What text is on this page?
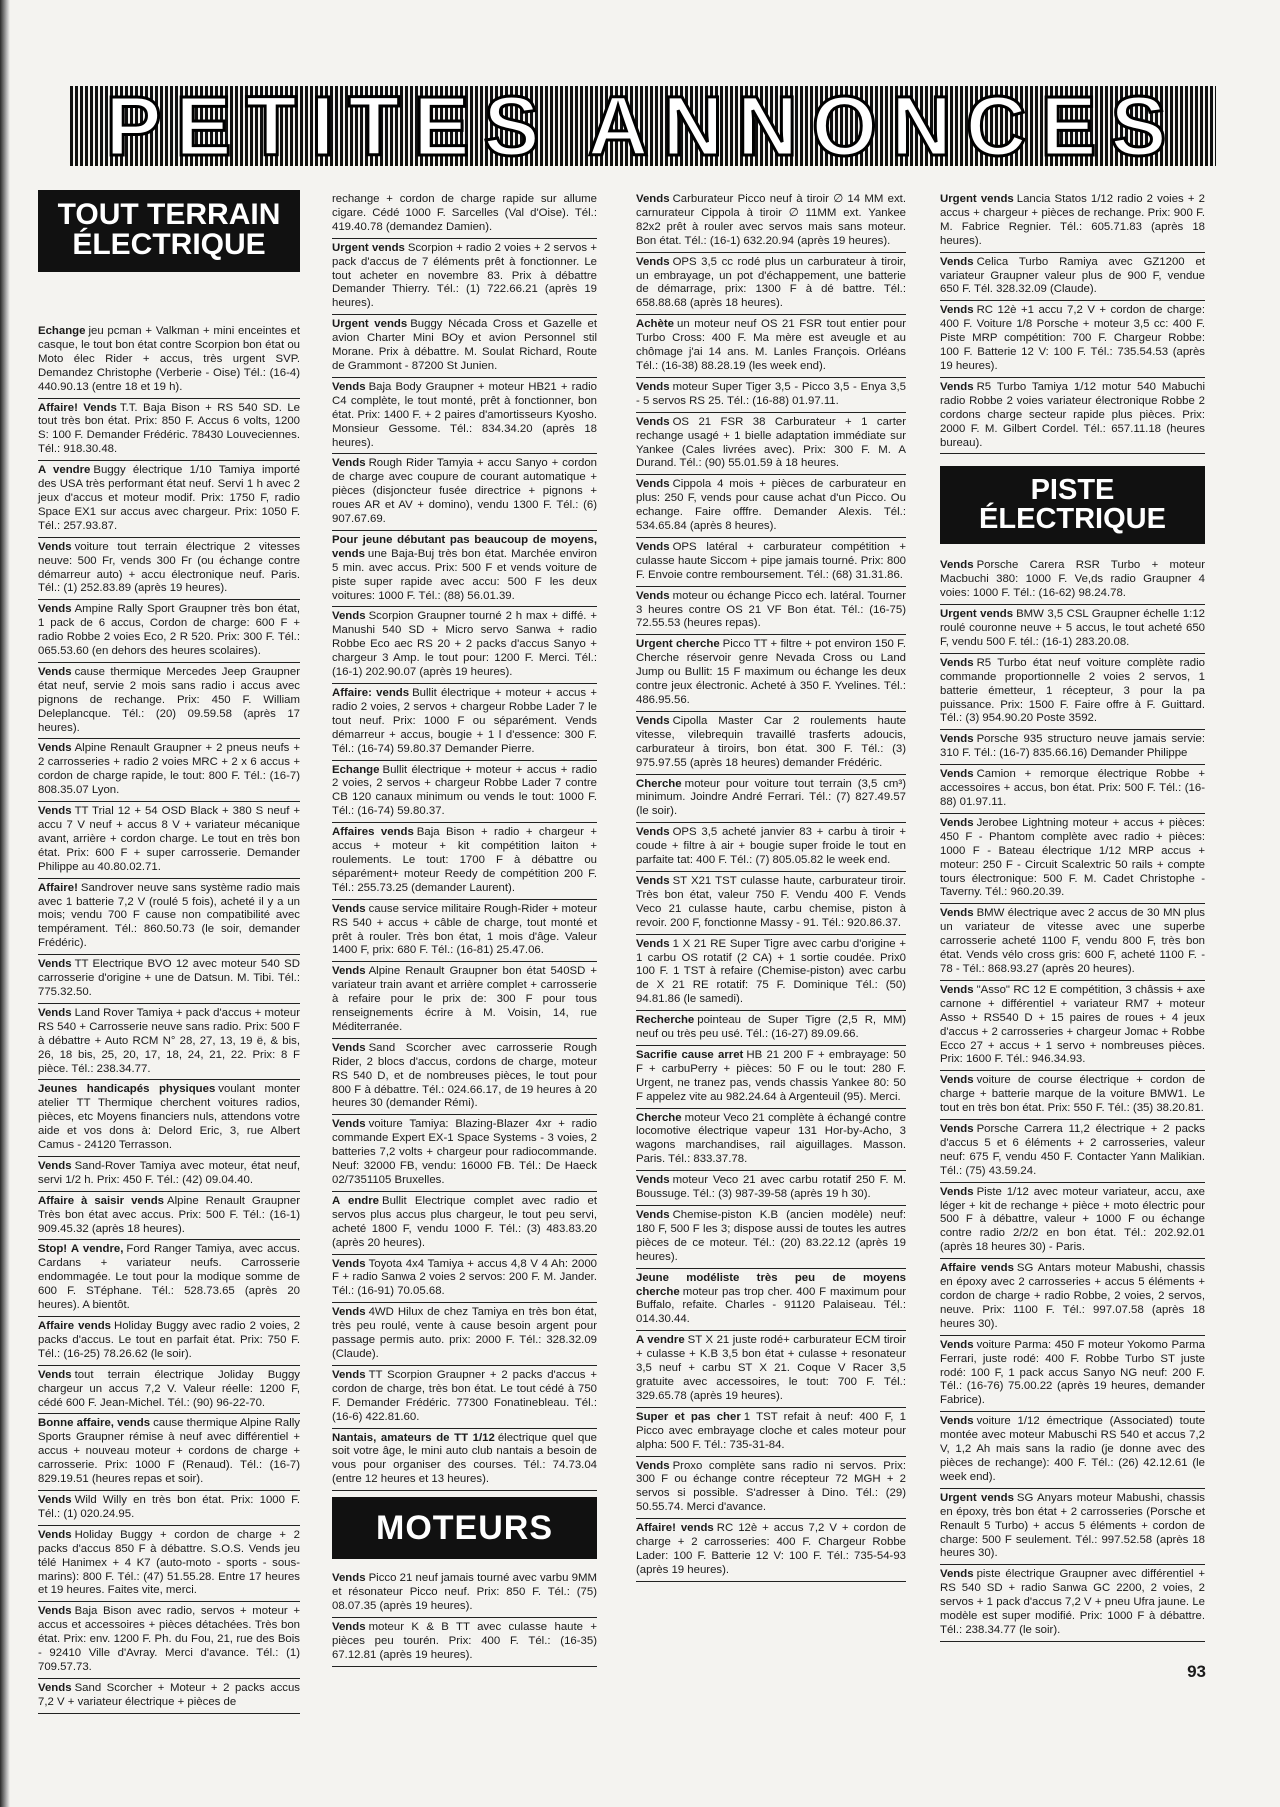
PETITES ANNONCES
TOUT TERRAIN
ÉLECTRIQUE

Echange jeu pcman + Valkman + mini enceintes et casque, le tout bon état contre Scorpion bon état ou Moto élec Rider + accus, très urgent SVP. Demandez Christophe (Verberie - Oise) Tél.: (16-4) 440.90.13 (entre 18 et 19 h).

Affaire! Vends T.T. Baja Bison + RS 540 SD. Le tout très bon état. Prix: 850 F. Accus 6 volts, 1200 S: 100 F. Demander Frédéric. 78430 Louveciennes. Tél.: 918.30.48.

A vendre Buggy électrique 1/10 Tamiya importé des USA très performant état neuf. Servi 1 h avec 2 jeux d'accus et moteur modif. Prix: 1750 F, radio Space EX1 sur accus avec chargeur. Prix: 1050 F. Tél.: 257.93.87.

Vends voiture tout terrain électrique 2 vitesses neuve: 500 Fr, vends 300 Fr (ou échange contre démarreur auto) + accu électronique neuf. Paris. Tél.: (1) 252.83.89 (après 19 heures).

Vends Ampine Rally Sport Graupner très bon état, 1 pack de 6 accus, Cordon de charge: 600 F + radio Robbe 2 voies Eco, 2 R 520. Prix: 300 F. Tél.: 065.53.60 (en dehors des heures scolaires).

Vends cause thermique Mercedes Jeep Graupner état neuf, servie 2 mois sans radio i accus avec pignons de rechange. Prix: 450 F. William Deleplancque. Tél.: (20) 09.59.58 (après 17 heures).

Vends Alpine Renault Graupner + 2 pneus neufs + 2 carrosseries + radio 2 voies MRC + 2 x 6 accus + cordon de charge rapide, le tout: 800 F. Tél.: (16-7) 808.35.07 Lyon.

Vends TT Trial 12 + 54 OSD Black + 380 S neuf + accu 7 V neuf + accus 8 V + variateur mécanique avant, arrière + cordon charge. Le tout en très bon état. Prix: 600 F + super carrosserie. Demander Philippe au 40.80.02.71.

Affaire! Sandrover neuve sans système radio mais avec 1 batterie 7,2 V (roulé 5 fois), acheté il y a un mois; vendu 700 F cause non compatibilité avec tempérament. Tél.: 860.50.73 (le soir, demander Frédéric).

Vends TT Electrique BVO 12 avec moteur 540 SD carrosserie d'origine + une de Datsun. M. Tibi. Tél.: 775.32.50.

Vends Land Rover Tamiya + pack d'accus + moteur RS 540 + Carrosserie neuve sans radio. Prix: 500 F à débattre + Auto RCM N° 28, 27, 13, 19 ë, & bis, 26, 18 bis, 25, 20, 17, 18, 24, 21, 22. Prix: 8 F pièce. Tél.: 238.34.77.

Jeunes handicapés physiques voulant monter atelier TT Thermique cherchent voitures radios, pièces, etc Moyens financiers nuls, attendons votre aide et vos dons à: Delord Eric, 3, rue Albert Camus - 24120 Terrasson.

Vends Sand-Rover Tamiya avec moteur, état neuf, servi 1/2 h. Prix: 450 F. Tél.: (42) 09.04.40.

Affaire à saisir vends Alpine Renault Graupner Très bon état avec accus. Prix: 500 F. Tél.: (16-1) 909.45.32 (après 18 heures).

Stop! A vendre, Ford Ranger Tamiya, avec accus. Cardans + variateur neufs. Carrosserie endommagée. Le tout pour la modique somme de 600 F. STéphane. Tél.: 528.73.65 (après 20 heures). A bientôt.

Affaire vends Holiday Buggy avec radio 2 voies, 2 packs d'accus. Le tout en parfait état. Prix: 750 F. Tél.: (16-25) 78.26.62 (le soir).

Vends tout terrain électrique Joliday Buggy chargeur un accus 7,2 V. Valeur réelle: 1200 F, cédé 600 F. Jean-Michel. Tél.: (90) 96-22-70.

Bonne affaire, vends cause thermique Alpine Rally Sports Graupner rémise à neuf avec différentiel + accus + nouveau moteur + cordons de charge + carrosserie. Prix: 1000 F (Renaud). Tél.: (16-7) 829.19.51 (heures repas et soir).

Vends Wild Willy en très bon état. Prix: 1000 F. Tél.: (1) 020.24.95.

Vends Holiday Buggy + cordon de charge + 2 packs d'accus 850 F à débattre. S.O.S. Vends jeu télé Hanimex + 4 K7 (auto-moto - sports - sous-marins): 800 F. Tél.: (47) 51.55.28. Entre 17 heures et 19 heures. Faites vite, merci.

Vends Baja Bison avec radio, servos + moteur + accus et accessoires + pièces détachées. Très bon état. Prix: env. 1200 F. Ph. du Fou, 21, rue des Bois - 92410 Ville d'Avray. Merci d'avance. Tél.: (1) 709.57.73.

Vends Sand Scorcher + Moteur + 2 packs accus 7,2 V + variateur électrique + pièces de

rechange + cordon de charge rapide sur allume cigare. Cédé 1000 F. Sarcelles (Val d'Oise). Tél.: 419.40.78 (demandez Damien).

Urgent vends Scorpion + radio 2 voies + 2 servos + pack d'accus de 7 éléments prêt à fonctionner. Le tout acheter en novembre 83. Prix à débattre Demander Thierry. Tél.: (1) 722.66.21 (après 19 heures).

Urgent vends Buggy Nécada Cross et Gazelle et avion Charter Mini BOy et avion Personnel stil Morane. Prix à débattre. M. Soulat Richard, Route de Grammont - 87200 St Junien.

Vends Baja Body Graupner + moteur HB21 + radio C4 complète, le tout monté, prêt à fonctionner, bon état. Prix: 1400 F. + 2 paires d'amortisseurs Kyosho. Monsieur Gessome. Tél.: 834.34.20 (après 18 heures).

Vends Rough Rider Tamyia + accu Sanyo + cordon de charge avec coupure de courant automatique + pièces (disjoncteur fusée directrice + pignons + roues AR et AV + domino), vendu 1300 F. Tél.: (6) 907.67.69.

Pour jeune débutant pas beaucoup de moyens, vends une Baja-Buj très bon état. Marchée environ 5 min. avec accus. Prix: 500 F et vends voiture de piste super rapide avec accu: 500 F les deux voitures: 1000 F. Tél.: (88) 56.01.39.

Vends Scorpion Graupner tourné 2 h max + diffé. + Manushi 540 SD + Micro servo Sanwa + radio Robbe Eco aec RS 20 + 2 packs d'accus Sanyo + chargeur 3 Amp. le tout pour: 1200 F. Merci. Tél.: (16-1) 202.90.07 (après 19 heures).

Affaire: vends Bullit électrique + moteur + accus + radio 2 voies, 2 servos + chargeur Robbe Lader 7 le tout neuf. Prix: 1000 F ou séparément. Vends démarreur + accus, bougie + 1 l d'essence: 300 F. Tél.: (16-74) 59.80.37 Demander Pierre.

Echange Bullit électrique + moteur + accus + radio 2 voies, 2 servos + chargeur Robbe Lader 7 contre CB 120 canaux minimum ou vends le tout: 1000 F. Tél.: (16-74) 59.80.37.

Affaires vends Baja Bison + radio + chargeur + accus + moteur + kit compétition laiton + roulements. Le tout: 1700 F à débattre ou séparément+ moteur Reedy de compétition 200 F. Tél.: 255.73.25 (demander Laurent).

Vends cause service militaire Rough-Rider + moteur RS 540 + accus + câble de charge, tout monté et prêt à rouler. Très bon état, 1 mois d'âge. Valeur 1400 F, prix: 680 F. Tél.: (16-81) 25.47.06.

Vends Alpine Renault Graupner bon état 540SD + variateur train avant et arrière complet + carrosserie à refaire pour le prix de: 300 F pour tous renseignements écrire à M. Voisin, 14, rue Méditerranée.

Vends Sand Scorcher avec carrosserie Rough Rider, 2 blocs d'accus, cordons de charge, moteur RS 540 D, et de nombreuses pièces, le tout pour 800 F à débattre. Tél.: 024.66.17, de 19 heures à 20 heures 30 (demander Rémi).

Vends voiture Tamiya: Blazing-Blazer 4xr + radio commande Expert EX-1 Space Systems - 3 voies, 2 batteries 7,2 volts + chargeur pour radiocommande. Neuf: 32000 FB, vendu: 16000 FB. Tél.: De Haeck 02/7351105 Bruxelles.

A endre Bullit Electrique complet avec radio et servos plus accus plus chargeur, le tout peu servi, acheté 1800 F, vendu 1000 F. Tél.: (3) 483.83.20 (après 20 heures).

Vends Toyota 4x4 Tamiya + accus 4,8 V 4 Ah: 2000 F + radio Sanwa 2 voies 2 servos: 200 F. M. Jander. Tél.: (16-91) 70.05.68.

Vends 4WD Hilux de chez Tamiya en très bon état, très peu roulé, vente à cause besoin argent pour passage permis auto. prix: 2000 F. Tél.: 328.32.09 (Claude).

Vends TT Scorpion Graupner + 2 packs d'accus + cordon de charge, très bon état. Le tout cédé à 750 F. Demander Frédéric. 77300 Fonatinebleau. Tél.: (16-6) 422.81.60.

Nantais, amateurs de TT 1/12 électrique quel que soit votre âge, le mini auto club nantais a besoin de vous pour organiser des courses. Tél.: 74.73.04 (entre 12 heures et 13 heures).

MOTEURS

Vends Picco 21 neuf jamais tourné avec varbu 9MM et résonateur Picco neuf. Prix: 850 F. Tél.: (75) 08.07.35 (après 19 heures).

Vends moteur K & B TT avec culasse haute + pièces peu tourén. Prix: 400 F. Tél.: (16-35) 67.12.81 (après 19 heures).

Vends Carburateur Picco neuf à tiroir ∅ 14 MM ext. carnurateur Cippola à tiroir ∅ 11MM ext. Yankee 82x2 prêt à rouler avec servos mais sans moteur. Bon état. Tél.: (16-1) 632.20.94 (après 19 heures).

Vends OPS 3,5 cc rodé plus un carburateur à tiroir, un embrayage, un pot d'échappement, une batterie de démarrage, prix: 1300 F à dé battre. Tél.: 658.88.68 (après 18 heures).

Achète un moteur neuf OS 21 FSR tout entier pour Turbo Cross: 400 F. Ma mère est aveugle et au chômage j'ai 14 ans. M. Lanles François. Orléans Tél.: (16-38) 88.28.19 (les week end).

Vends moteur Super Tiger 3,5 - Picco 3,5 - Enya 3,5 - 5 servos RS 25. Tél.: (16-88) 01.97.11.

Vends OS 21 FSR 38 Carburateur + 1 carter rechange usagé + 1 bielle adaptation immédiate sur Yankee (Cales livrées avec). Prix: 300 F. M. A Durand. Tél.: (90) 55.01.59 à 18 heures.

Vends Cippola 4 mois + pièces de carburateur en plus: 250 F, vends pour cause achat d'un Picco. Ou echange. Faire offfre. Demander Alexis. Tél.: 534.65.84 (après 8 heures).

Vends OPS latéral + carburateur compétition + culasse haute Siccom + pipe jamais tourné. Prix: 800 F. Envoie contre remboursement. Tél.: (68) 31.31.86.

Vends moteur ou échange Picco ech. latéral. Tourner 3 heures contre OS 21 VF Bon état. Tél.: (16-75) 72.55.53 (heures repas).

Urgent cherche Picco TT + filtre + pot environ 150 F. Cherche réservoir genre Nevada Cross ou Land Jump ou Bullit: 15 F maximum ou échange les deux contre jeux électronic. Acheté à 350 F. Yvelines. Tél.: 486.95.56.

Vends Cipolla Master Car 2 roulements haute vitesse, vilebrequin travaillé trasferts adoucis, carburateur à tiroirs, bon état. 300 F. Tél.: (3) 975.97.55 (après 18 heures) demander Frédéric.

Cherche moteur pour voiture tout terrain (3,5 cm³) minimum. Joindre André Ferrari. Tél.: (7) 827.49.57 (le soir).

Vends OPS 3,5 acheté janvier 83 + carbu à tiroir + coude + filtre à air + bougie super froide le tout en parfaite tat: 400 F. Tél.: (7) 805.05.82 le week end.

Vends ST X21 TST culasse haute, carburateur tiroir. Très bon état, valeur 750 F. Vendu 400 F. Vends Veco 21 culasse haute, carbu chemise, piston à revoir. 200 F, fonctionne Massy - 91. Tél.: 920.86.37.

Vends 1 X 21 RE Super Tigre avec carbu d'origine + 1 carbu OS rotatif (2 CA) + 1 sortie coudée. Prix0 100 F. 1 TST à refaire (Chemise-piston) avec carbu de X 21 RE rotatif: 75 F. Dominique Tél.: (50) 94.81.86 (le samedi).

Recherche pointeau de Super Tigre (2,5 R, MM) neuf ou très peu usé. Tél.: (16-27) 89.09.66.

Sacrifie cause arret HB 21 200 F + embrayage: 50 F + carbuPerry + pièces: 50 F ou le tout: 280 F. Urgent, ne tranez pas, vends chassis Yankee 80: 50 F appelez vite au 982.24.64 à Argenteuil (95). Merci.

Cherche moteur Veco 21 complète à échangé contre locomotive électrique vapeur 131 Hor-by-Acho, 3 wagons marchandises, rail aiguillages. Masson. Paris. Tél.: 833.37.78.

Vends moteur Veco 21 avec carbu rotatif 250 F. M. Boussuge. Tél.: (3) 987-39-58 (après 19 h 30).

Vends Chemise-piston K.B (ancien modèle) neuf: 180 F, 500 F les 3; dispose aussi de toutes les autres pièces de ce moteur. Tél.: (20) 83.22.12 (après 19 heures).

Jeune modéliste très peu de moyens cherche moteur pas trop cher. 400 F maximum pour Buffalo, refaite. Charles - 91120 Palaiseau. Tél.: 014.30.44.

A vendre ST X 21 juste rodé+ carburateur ECM tiroir + culasse + K.B 3,5 bon état + culasse + resonateur 3,5 neuf + carbu ST X 21. Coque V Racer 3,5 gratuite avec accessoires, le tout: 700 F. Tél.: 329.65.78 (après 19 heures).

Super et pas cher 1 TST refait à neuf: 400 F, 1 Picco avec embrayage cloche et cales moteur pour alpha: 500 F. Tél.: 735-31-84.

Vends Proxo complète sans radio ni servos. Prix: 300 F ou échange contre récepteur 72 MGH + 2 servos si possible. S'adresser à Dino. Tél.: (29) 50.55.74. Merci d'avance.

Affaire! vends RC 12è + accus 7,2 V + cordon de charge + 2 carrosseries: 400 F. Chargeur Robbe Lader: 100 F. Batterie 12 V: 100 F. Tél.: 735-54-93 (après 19 heures).

Urgent vends Lancia Statos 1/12 radio 2 voies + 2 accus + chargeur + pièces de rechange. Prix: 900 F. M. Fabrice Regnier. Tél.: 605.71.83 (après 18 heures).

Vends Celica Turbo Ramiya avec GZ1200 et variateur Graupner valeur plus de 900 F, vendue 650 F. Tél. 328.32.09 (Claude).

Vends RC 12è +1 accu 7,2 V + cordon de charge: 400 F. Voiture 1/8 Porsche + moteur 3,5 cc: 400 F. Piste MRP compétition: 700 F. Chargeur Robbe: 100 F. Batterie 12 V: 100 F. Tél.: 735.54.53 (après 19 heures).

Vends R5 Turbo Tamiya 1/12 motur 540 Mabuchi radio Robbe 2 voies variateur électronique Robbe 2 cordons charge secteur rapide plus pièces. Prix: 2000 F. M. Gilbert Cordel. Tél.: 657.11.18 (heures bureau).

PISTE
ÉLECTRIQUE

Vends Porsche Carera RSR Turbo + moteur Macbuchi 380: 1000 F. Ve,ds radio Graupner 4 voies: 1000 F. Tél.: (16-62) 98.24.78.

Urgent vends BMW 3,5 CSL Graupner échelle 1:12 roulé couronne neuve + 5 accus, le tout acheté 650 F, vendu 500 F. tél.: (16-1) 283.20.08.

Vends R5 Turbo état neuf voiture complète radio commande proportionnelle 2 voies 2 servos, 1 batterie émetteur, 1 récepteur, 3 pour la pa puissance. Prix: 1500 F. Faire offre à F. Guittard. Tél.: (3) 954.90.20 Poste 3592.

Vends Porsche 935 structuro neuve jamais servie: 310 F. Tél.: (16-7) 835.66.16) Demander Philippe

Vends Camion + remorque électrique Robbe + accessoires + accus, bon état. Prix: 500 F. Tél.: (16-88) 01.97.11.

Vends Jerobee Lightning moteur + accus + pièces: 450 F - Phantom complète avec radio + pièces: 1000 F - Bateau électrique 1/12 MRP accus + moteur: 250 F - Circuit Scalextric 50 rails + compte tours électronique: 500 F. M. Cadet Christophe - Taverny. Tél.: 960.20.39.

Vends BMW électrique avec 2 accus de 30 MN plus un variateur de vitesse avec une superbe carrosserie acheté 1100 F, vendu 800 F, très bon état. Vends vélo cross gris: 600 F, acheté 1100 F. - 78 - Tél.: 868.93.27 (après 20 heures).

Vends "Asso" RC 12 E compétition, 3 châssis + axe carnone + différentiel + variateur RM7 + moteur Asso + RS540 D + 15 paires de roues + 4 jeux d'accus + 2 carrosseries + chargeur Jomac + Robbe Ecco 27 + accus + 1 servo + nombreuses pièces. Prix: 1600 F. Tél.: 946.34.93.

Vends voiture de course électrique + cordon de charge + batterie marque de la voiture BMW1. Le tout en très bon état. Prix: 550 F. Tél.: (35) 38.20.81.

Vends Porsche Carrera 11,2 électrique + 2 packs d'accus 5 et 6 éléments + 2 carrosseries, valeur neuf: 675 F, vendu 450 F. Contacter Yann Malikian. Tél.: (75) 43.59.24.

Vends Piste 1/12 avec moteur variateur, accu, axe léger + kit de rechange + pièce + moto électric pour 500 F à débattre, valeur + 1000 F ou échange contre radio 2/2/2 en bon état. Tél.: 202.92.01 (après 18 heures 30) - Paris.

Affaire vends SG Antars moteur Mabushi, chassis en époxy avec 2 carrosseries + accus 5 éléments + cordon de charge + radio Robbe, 2 voies, 2 servos, neuve. Prix: 1100 F. Tél.: 997.07.58 (après 18 heures 30).

Vends voiture Parma: 450 F moteur Yokomo Parma Ferrari, juste rodé: 400 F. Robbe Turbo ST juste rodé: 100 F, 1 pack accus Sanyo NG neuf: 200 F. Tél.: (16-76) 75.00.22 (après 19 heures, demander Fabrice).

Vends voiture 1/12 émectrique (Associated) toute montée avec moteur Mabuschi RS 540 et accus 7,2 V, 1,2 Ah mais sans la radio (je donne avec des pièces de rechange): 400 F. Tél.: (26) 42.12.61 (le week end).

Urgent vends SG Anyars moteur Mabushi, chassis en époxy, très bon état + 2 carrosseries (Porsche et Renault 5 Turbo) + accus 5 éléments + cordon de charge: 500 F seulement. Tél.: 997.52.58 (après 18 heures 30).

Vends piste électrique Graupner avec différentiel + RS 540 SD + radio Sanwa GC 2200, 2 voies, 2 servos + 1 pack d'accus 7,2 V + pneu Ufra jaune. Le modèle est super modifié. Prix: 1000 F à débattre. Tél.: 238.34.77 (le soir).

93
